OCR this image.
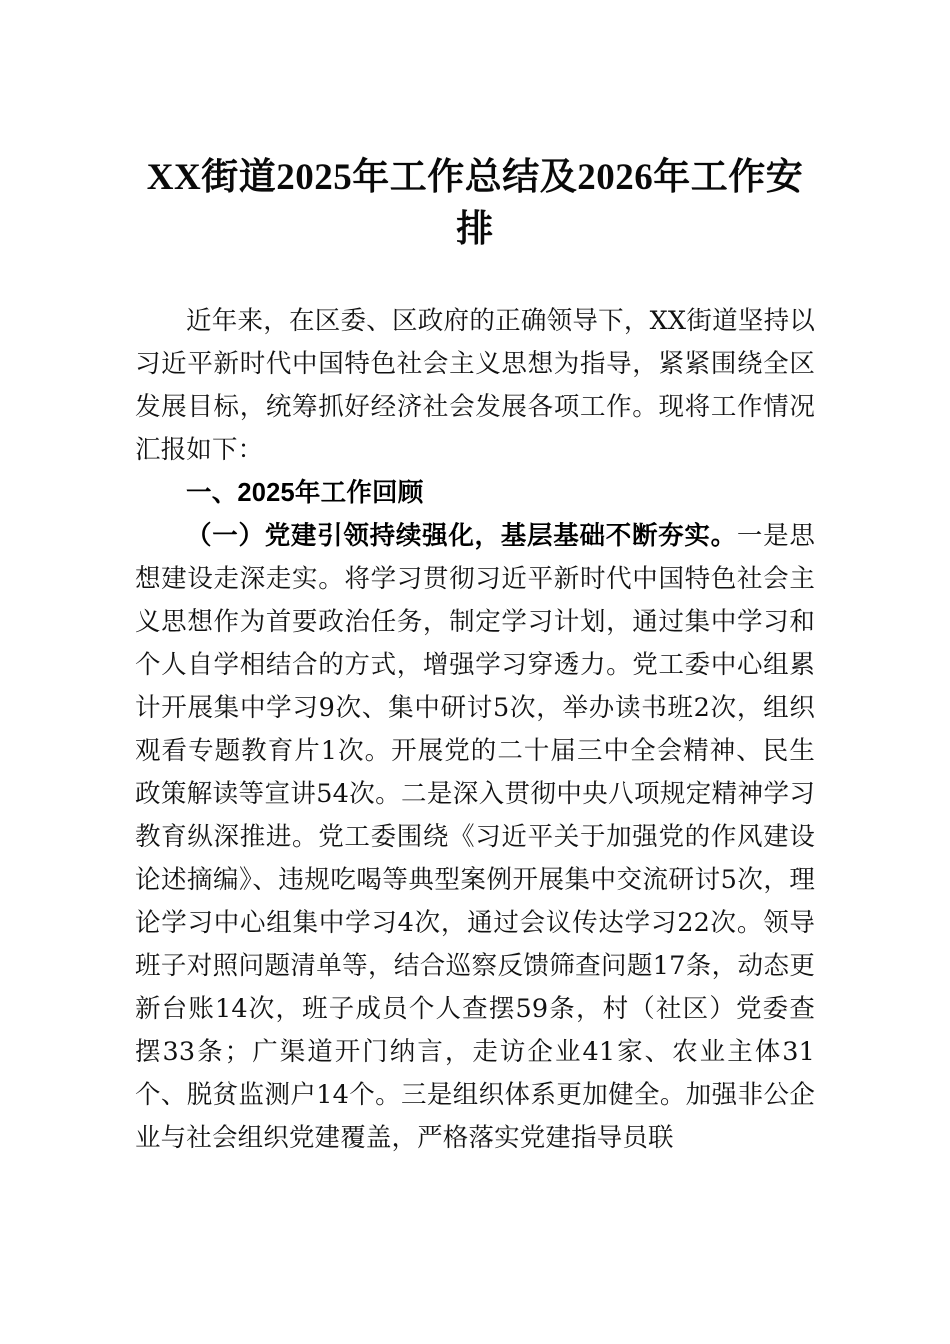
XX街道2025年工作总结及2026年工作安排

近年来，在区委、区政府的正确领导下，XX街道坚持以习近平新时代中国特色社会主义思想为指导，紧紧围绕全区发展目标，统筹抓好经济社会发展各项工作。现将工作情况汇报如下：

一、2025年工作回顾

（一）党建引领持续强化，基层基础不断夯实。一是思想建设走深走实。将学习贯彻习近平新时代中国特色社会主义思想作为首要政治任务，制定学习计划，通过集中学习和个人自学相结合的方式，增强学习穿透力。党工委中心组累计开展集中学习9次、集中研讨5次，举办读书班2次，组织观看专题教育片1次。开展党的二十届三中全会精神、民生政策解读等宣讲54次。二是深入贯彻中央八项规定精神学习教育纵深推进。党工委围绕《习近平关于加强党的作风建设论述摘编》、违规吃喝等典型案例开展集中交流研讨5次，理论学习中心组集中学习4次，通过会议传达学习22次。领导班子对照问题清单等，结合巡察反馈筛查问题17条，动态更新台账14次，班子成员个人查摆59条，村（社区）党委查摆33条；广渠道开门纳言，走访企业41家、农业主体31个、脱贫监测户14个。三是组织体系更加健全。加强非公企业与社会组织党建覆盖，严格落实党建指导员联
